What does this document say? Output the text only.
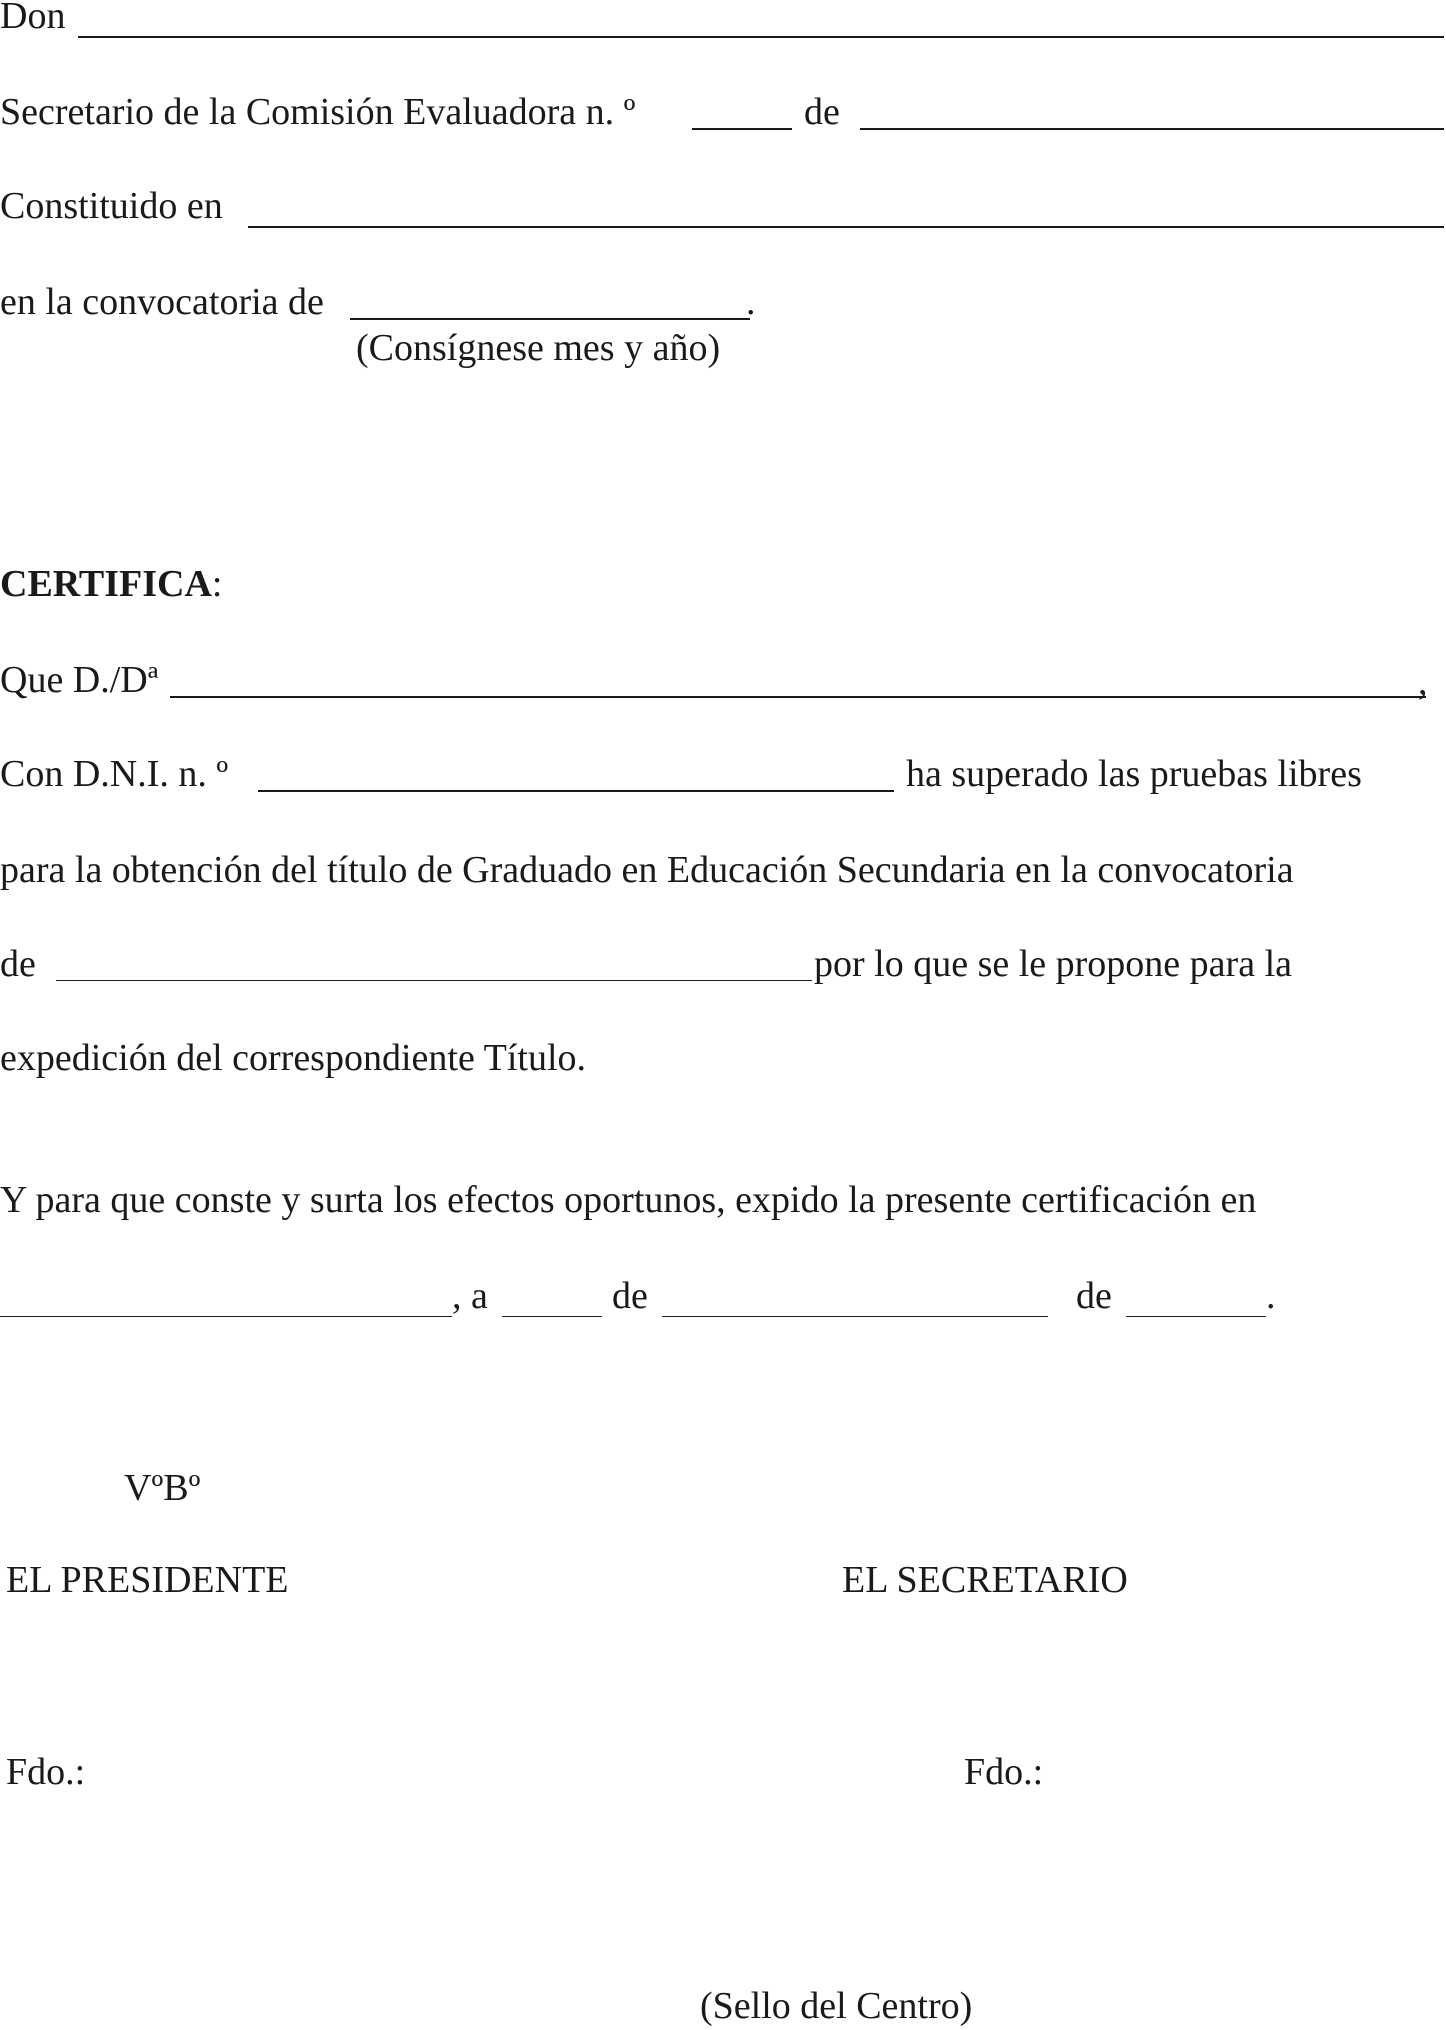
Don
Secretario de la Comisión Evaluadora n. º	de
Constituido en
en la convocatoria de	.
(Consígnese mes y año)
CERTIFICA:
Que D./Dª	,
Con D.N.I. n. º	ha superado las pruebas libres
para la obtención del título de Graduado en Educación Secundaria en la convocatoria
de	por lo que se le propone para la
expedición del correspondiente Título.
Y para que conste y surta los efectos oportunos, expido la presente certificación en
, a	de	de	.
VºBº
EL PRESIDENTE	EL SECRETARIO
Fdo.:	Fdo.:
(Sello del Centro)
